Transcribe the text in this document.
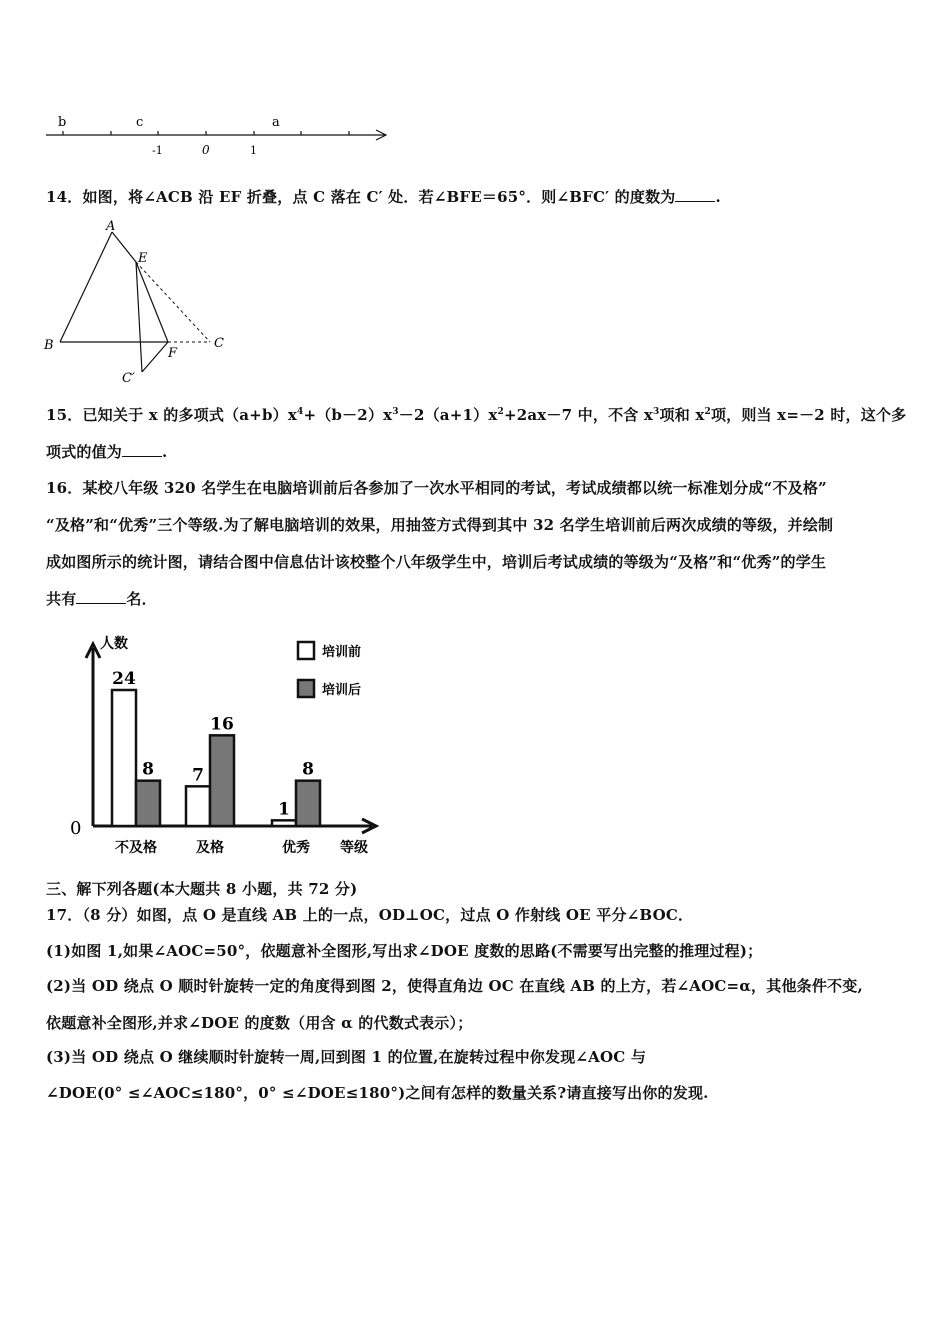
b	c	a
-1	0	1
14．如图，将∠ACB 沿 EF 折叠，点 C 落在 C′ 处．若∠BFE＝65°．则∠BFC′ 的度数为	.
A
E
B	C
F
C′
15．已知关于 x 的多项式$(a+b)x^4+(b-2)x^3-2(a+1)x^2+2ax-7$ 中，不含 $x^3$项和 $x^2$项，则当 x=－2 时，这个多
项式的值为	.
16．某校八年级 320 名学生在电脑培训前后各参加了一次水平相同的考试，考试成绩都以统一标准划分成“不及格”
“及格”和“优秀”三个等级.为了解电脑培训的效果，用抽签方式得到其中 32 名学生培训前后两次成绩的等级，并绘制
成如图所示的统计图，请结合图中信息估计该校整个八年级学生中，培训后考试成绩的等级为“及格”和“优秀”的学生
共有	名．
人数
等级
0
培训前
培训后
24
8
不及格
7
16
及格
1
8
优秀
三、解下列各题(本大题共 8 小题，共 72 分)
17．（8 分）如图，点 O 是直线 AB 上的一点，OD⊥OC，过点 O 作射线 OE 平分∠BOC．
(1)如图 1,如果∠AOC=50°，依题意补全图形,写出求∠DOE 度数的思路(不需要写出完整的推理过程)；
(2)当 OD 绕点 O 顺时针旋转一定的角度得到图 2，使得直角边 OC 在直线 AB 的上方，若∠AOC=α，其他条件不变,
依题意补全图形,并求∠DOE 的度数（用含 α 的代数式表示）；
(3)当 OD 绕点 O 继续顺时针旋转一周,回到图 1 的位置,在旋转过程中你发现∠AOC 与
∠DOE(0° ≤∠AOC≤180°，0° ≤∠DOE≤180°)之间有怎样的数量关系?请直接写出你的发现.
